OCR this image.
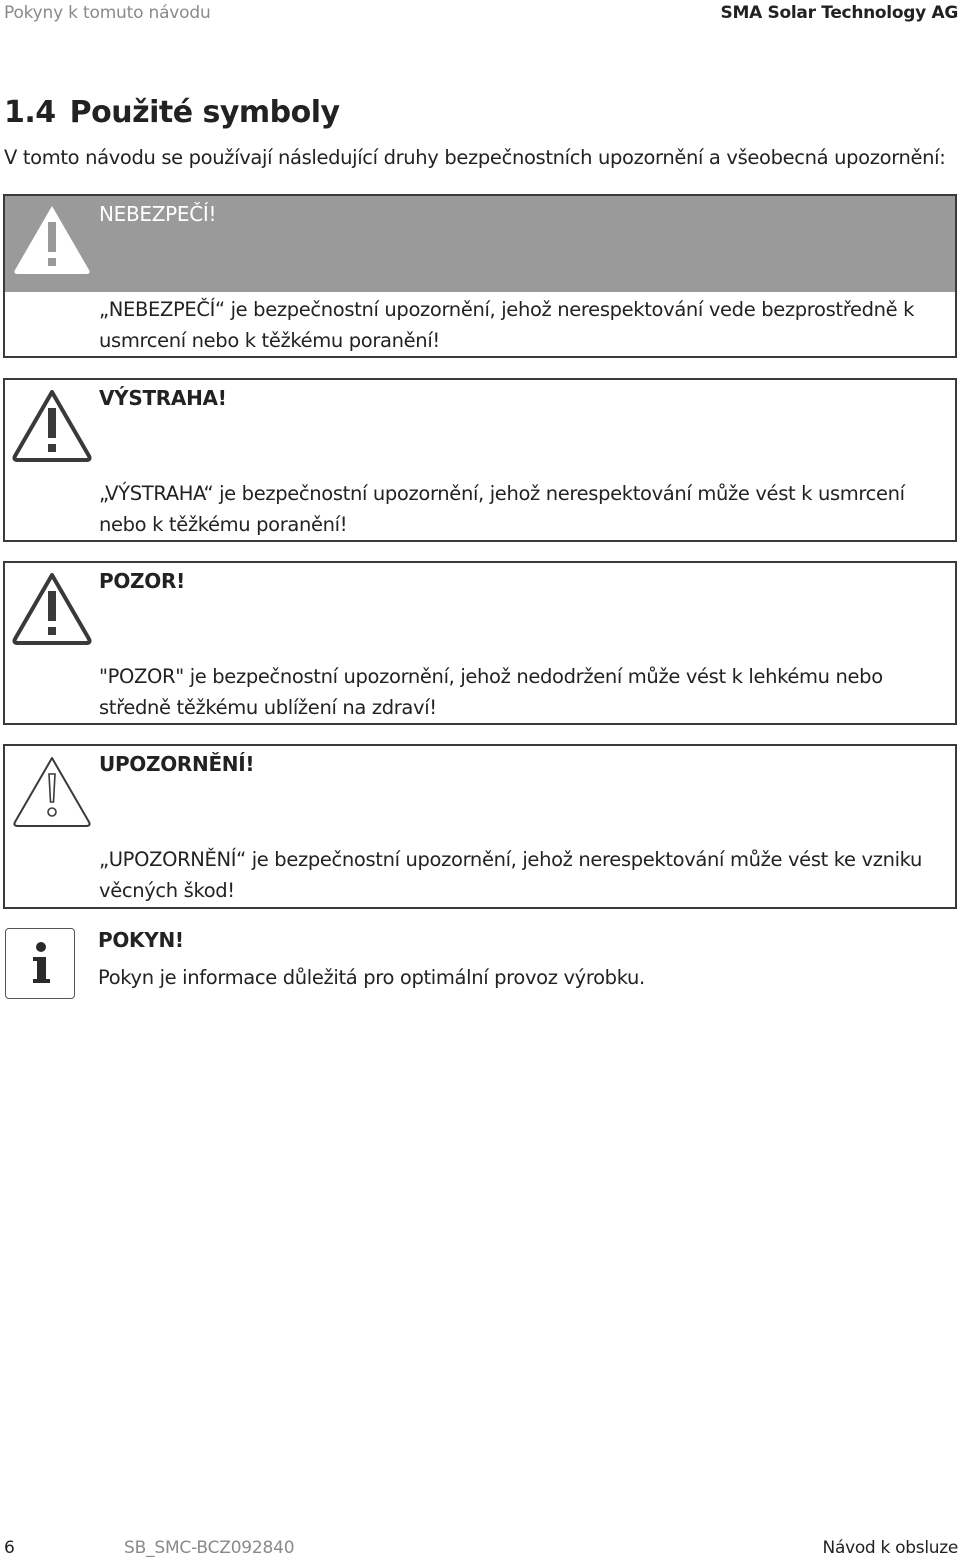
Pokyny k tomuto návodu	SMA Solar Technology AG
1.4 Použité symboly
V tomto návodu se používají následující druhy bezpečnostních upozornění a všeobecná upozornění:
NEBEZPEČÍ!
„NEBEZPEČÍ“ je bezpečnostní upozornění, jehož nerespektování vede bezprostředně k usmrcení nebo k těžkému poranění!
VÝSTRAHA!
„VÝSTRAHA“ je bezpečnostní upozornění, jehož nerespektování může vést k usmrcení nebo k těžkému poranění!
POZOR!
"POZOR" je bezpečnostní upozornění, jehož nedodržení může vést k lehkému nebo středně těžkému ublížení na zdraví!
UPOZORNĚNÍ!
„UPOZORNĚNÍ“ je bezpečnostní upozornění, jehož nerespektování může vést ke vzniku věcných škod!
POKYN!
Pokyn je informace důležitá pro optimální provoz výrobku.
6	SB_SMC-BCZ092840	Návod k obsluze
